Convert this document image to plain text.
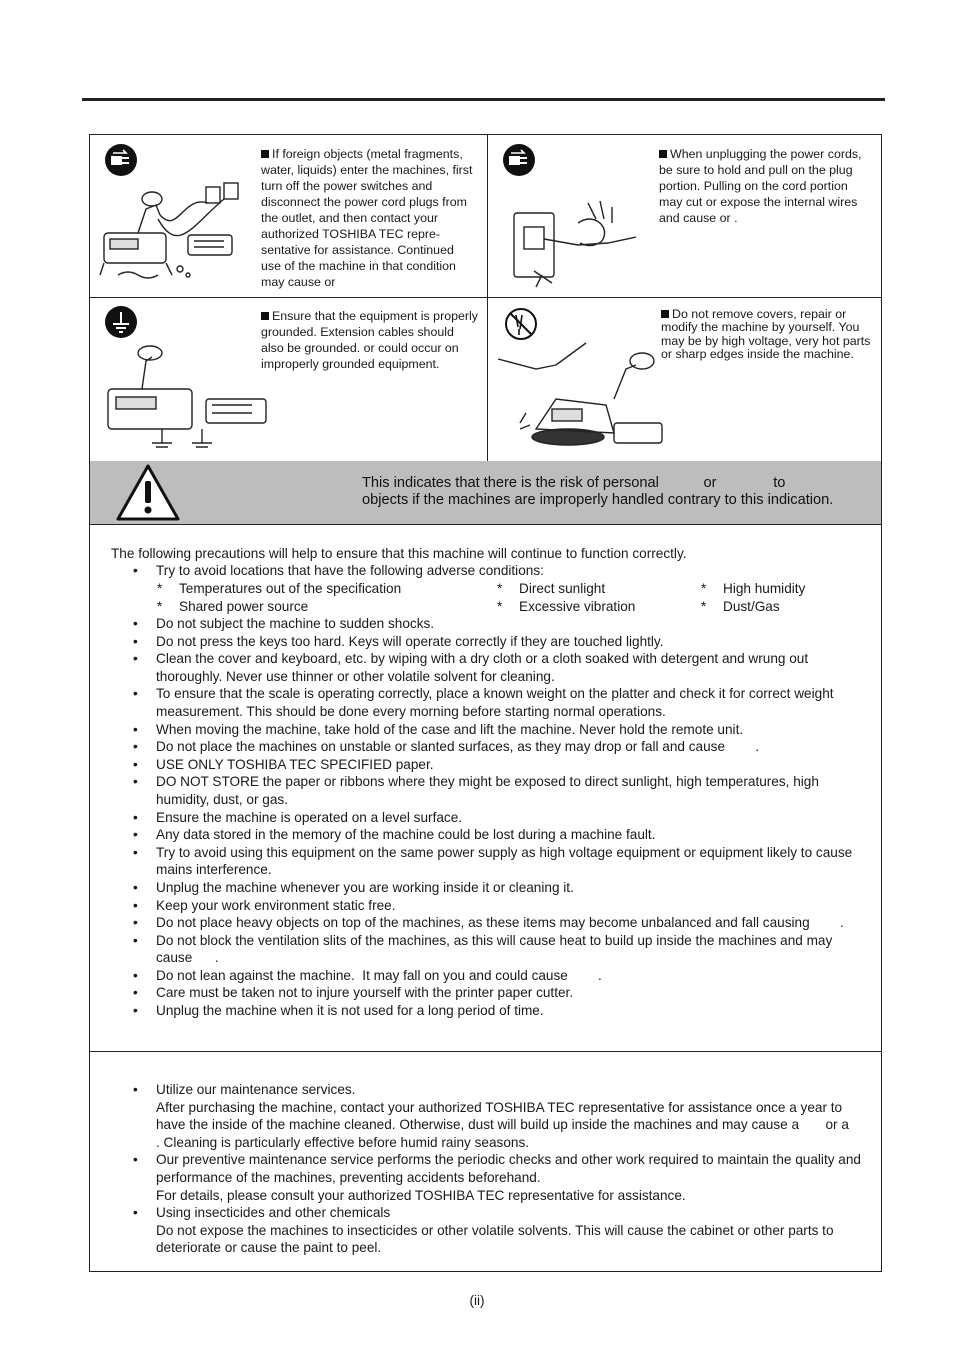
If foreign objects (metal fragments, water, liquids) enter the machines, first turn off the power switches and disconnect the power cord plugs from the outlet, and then contact your authorized TOSHIBA TEC repre-sentative for assistance. Continued use of the machine in that condition may cause or
When unplugging the power cords, be sure to hold and pull on the plug portion. Pulling on the cord portion may cut or expose the internal wires and cause or .
Ensure that the equipment is properly grounded. Extension cables should also be grounded. or could occur on improperly grounded equipment.
Do not remove covers, repair or modify the machine by yourself. You may be by high voltage, very hot parts or sharp edges inside the machine.
This indicates that there is the risk of personal           or              to
objects if the machines are improperly handled contrary to this indication.
The following precautions will help to ensure that this machine will continue to function correctly.
• Try to avoid locations that have the following adverse conditions:
* Temperatures out of the specification	* Direct sunlight	* High humidity
* Shared power source	* Excessive vibration	* Dust/Gas
• Do not subject the machine to sudden shocks.
• Do not press the keys too hard. Keys will operate correctly if they are touched lightly.
• Clean the cover and keyboard, etc. by wiping with a dry cloth or a cloth soaked with detergent and wrung out thoroughly. Never use thinner or other volatile solvent for cleaning.
• To ensure that the scale is operating correctly, place a known weight on the platter and check it for correct weight measurement. This should be done every morning before starting normal operations.
• When moving the machine, take hold of the case and lift the machine. Never hold the remote unit.
• Do not place the machines on unstable or slanted surfaces, as they may drop or fall and cause        .
• USE ONLY TOSHIBA TEC SPECIFIED paper.
• DO NOT STORE the paper or ribbons where they might be exposed to direct sunlight, high temperatures, high humidity, dust, or gas.
• Ensure the machine is operated on a level surface.
• Any data stored in the memory of the machine could be lost during a machine fault.
• Try to avoid using this equipment on the same power supply as high voltage equipment or equipment likely to cause mains interference.
• Unplug the machine whenever you are working inside it or cleaning it.
• Keep your work environment static free.
• Do not place heavy objects on top of the machines, as these items may become unbalanced and fall causing        .
• Do not block the ventilation slits of the machines, as this will cause heat to build up inside the machines and may cause      .
• Do not lean against the machine.  It may fall on you and could cause        .
• Care must be taken not to injure yourself with the printer paper cutter.
• Unplug the machine when it is not used for a long period of time.
• Utilize our maintenance services.
After purchasing the machine, contact your authorized TOSHIBA TEC representative for assistance once a year to have the inside of the machine cleaned. Otherwise, dust will build up inside the machines and may cause a       or a                   . Cleaning is particularly effective before humid rainy seasons.
• Our preventive maintenance service performs the periodic checks and other work required to maintain the quality and performance of the machines, preventing accidents beforehand.
For details, please consult your authorized TOSHIBA TEC representative for assistance.
• Using insecticides and other chemicals
Do not expose the machines to insecticides or other volatile solvents. This will cause the cabinet or other parts to deteriorate or cause the paint to peel.
(ii)
